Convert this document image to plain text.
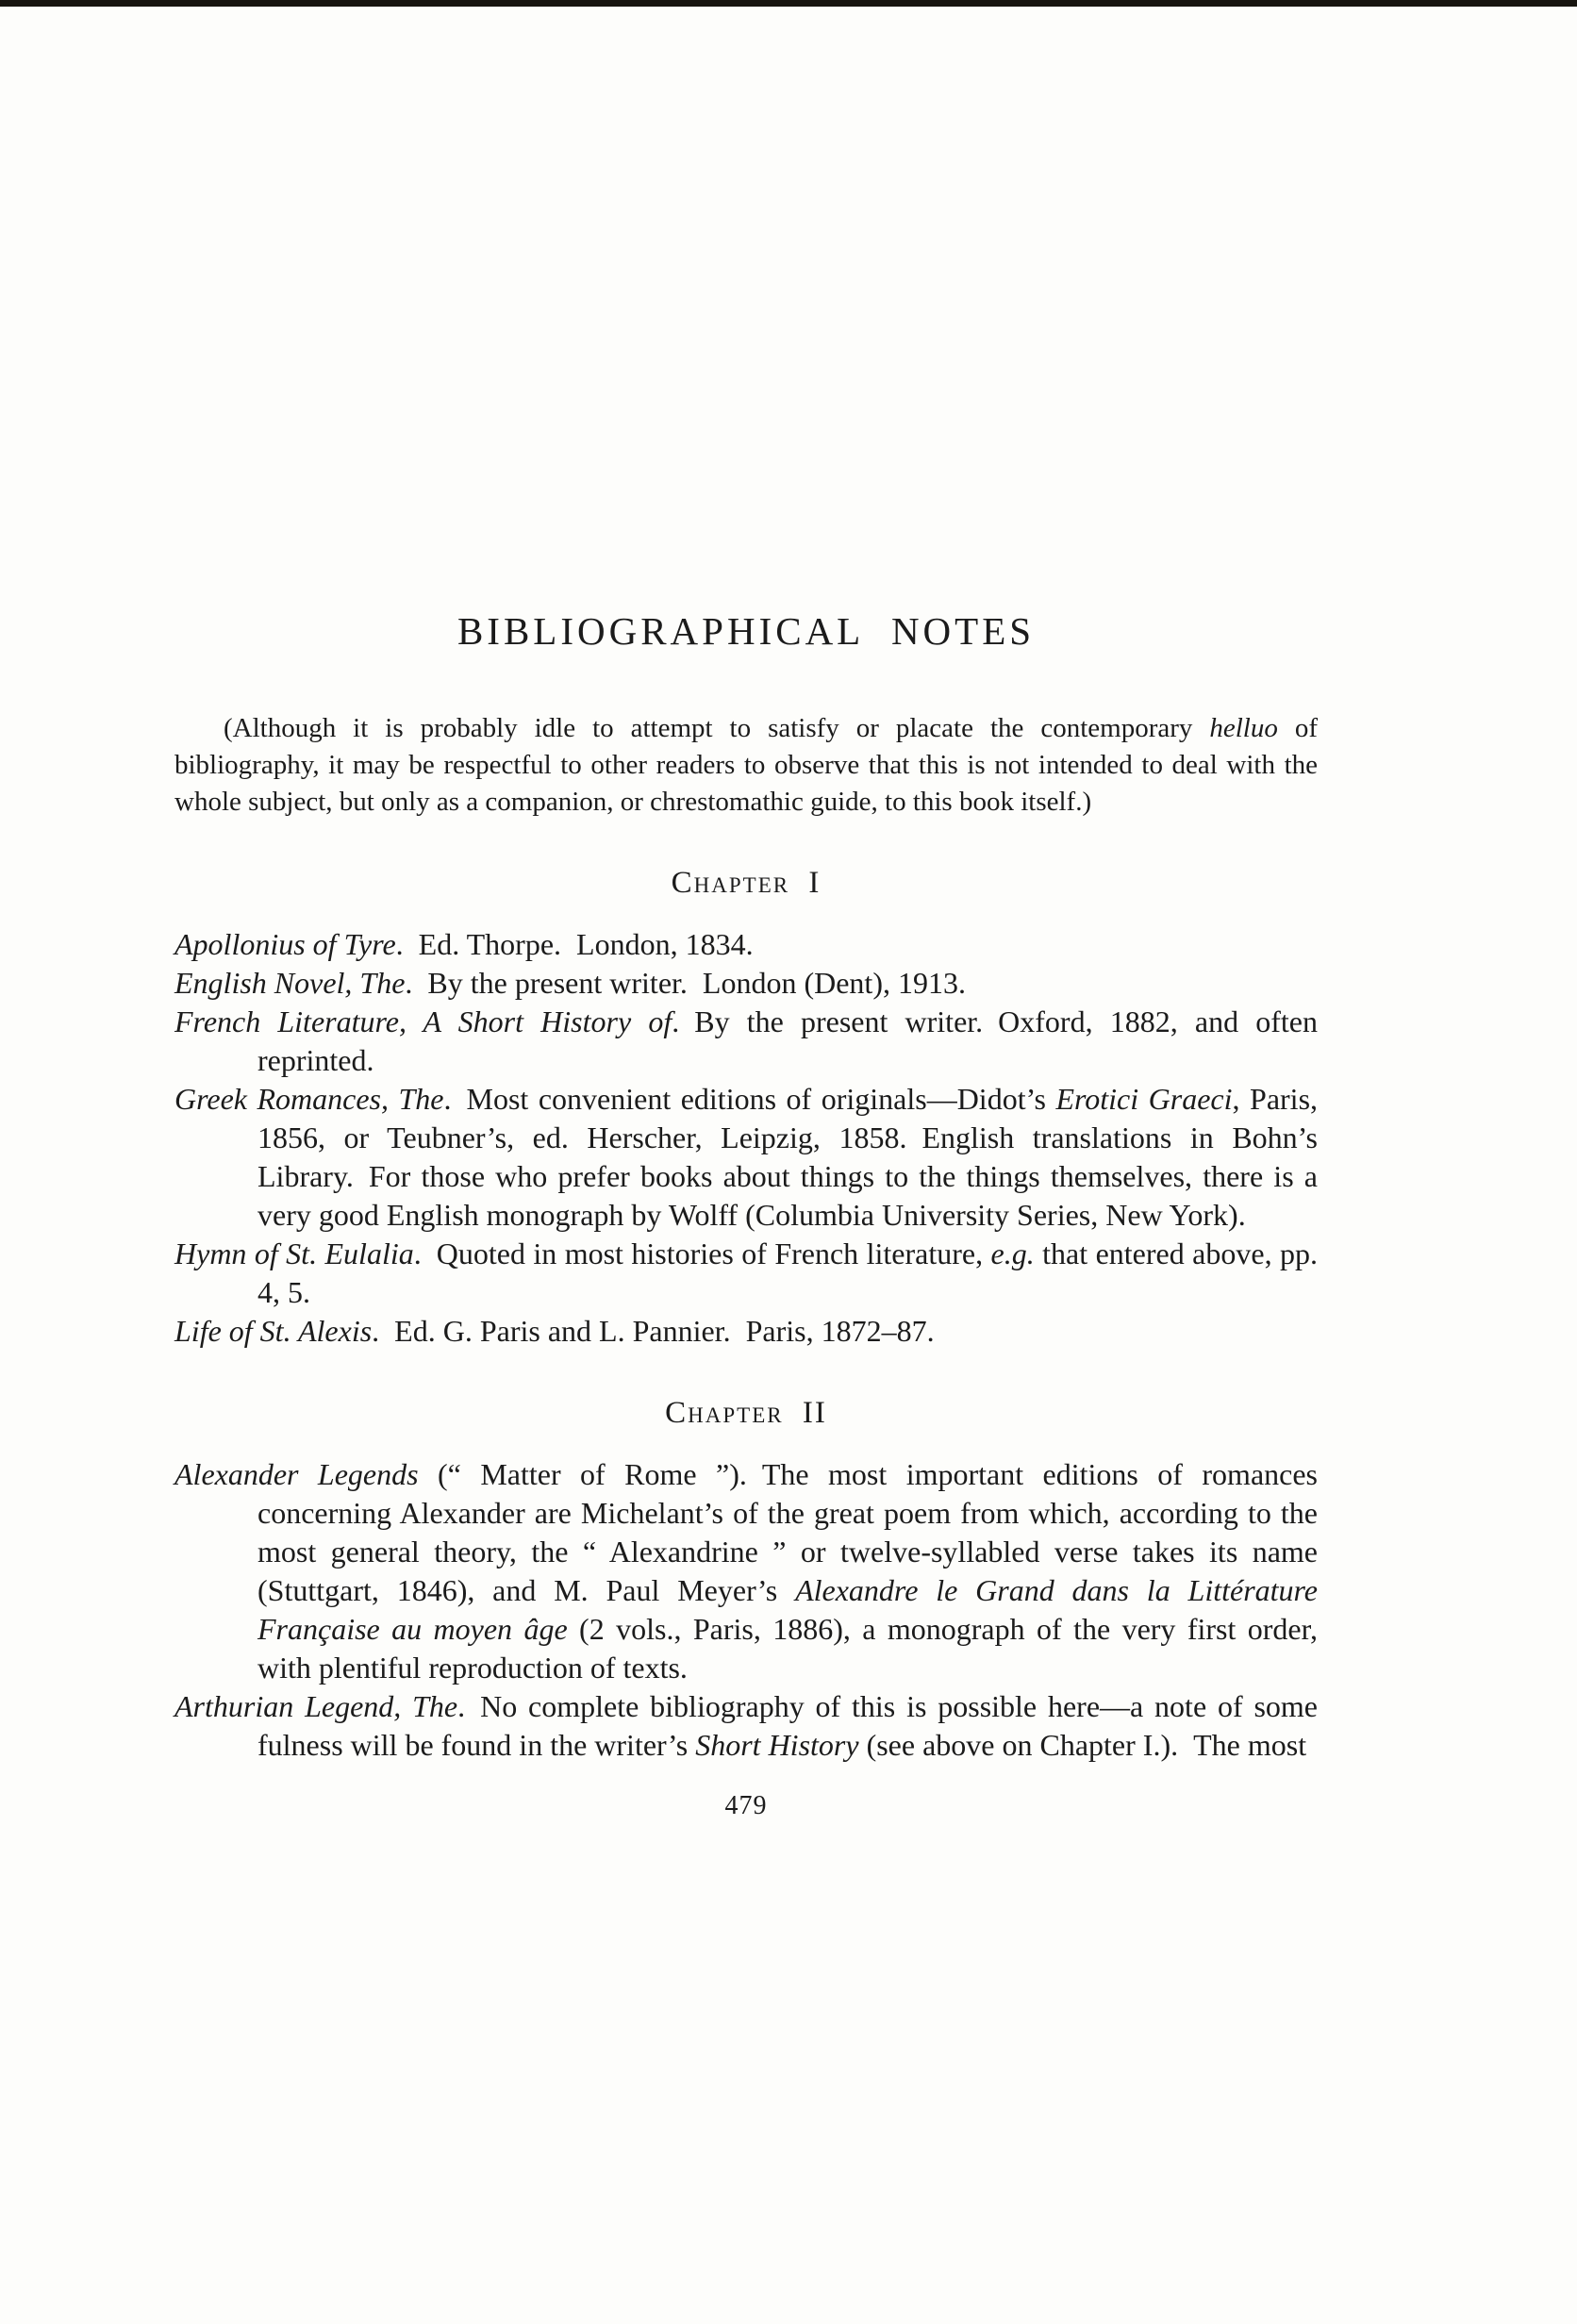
BIBLIOGRAPHICAL NOTES

(Although it is probably idle to attempt to satisfy or placate the contemporary helluo of bibliography, it may be respectful to other readers to observe that this is not intended to deal with the whole subject, but only as a companion, or chrestomathic guide, to this book itself.)

Chapter I

Apollonius of Tyre. Ed. Thorpe. London, 1834.

English Novel, The. By the present writer. London (Dent), 1913.

French Literature, A Short History of. By the present writer. Oxford, 1882, and often reprinted.

Greek Romances, The. Most convenient editions of originals—Didot’s Erotici Graeci, Paris, 1856, or Teubner’s, ed. Herscher, Leipzig, 1858. English translations in Bohn’s Library. For those who prefer books about things to the things themselves, there is a very good English monograph by Wolff (Columbia University Series, New York).

Hymn of St. Eulalia. Quoted in most histories of French literature, e.g. that entered above, pp. 4, 5.

Life of St. Alexis. Ed. G. Paris and L. Pannier. Paris, 1872–87.

Chapter II

Alexander Legends (“ Matter of Rome ”). The most important editions of romances concerning Alexander are Michelant’s of the great poem from which, according to the most general theory, the “ Alexandrine ” or twelve-syllabled verse takes its name (Stuttgart, 1846), and M. Paul Meyer’s Alexandre le Grand dans la Littérature Française au moyen âge (2 vols., Paris, 1886), a monograph of the very first order, with plentiful reproduction of texts.

Arthurian Legend, The. No complete bibliography of this is possible here—a note of some fulness will be found in the writer’s Short History (see above on Chapter I.). The most

479
